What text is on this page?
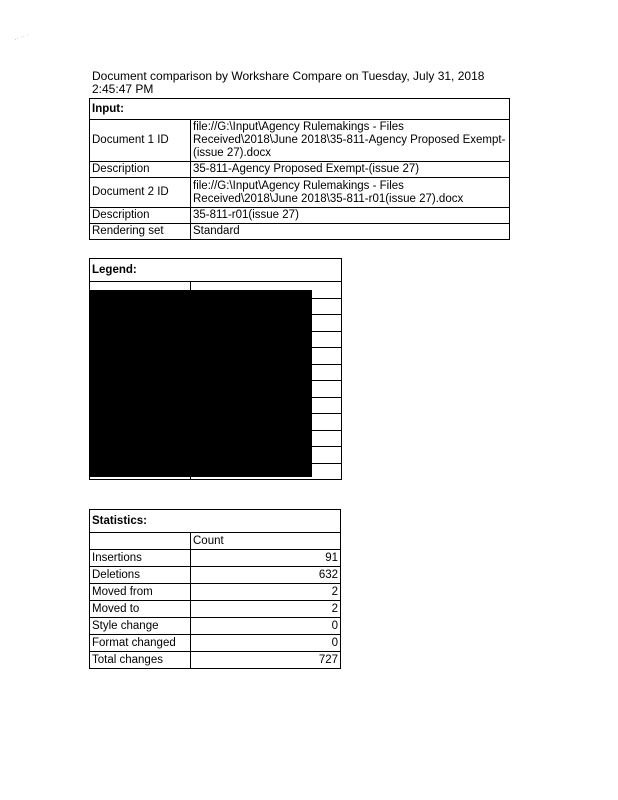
·· ·· ·
Document comparison by Workshare Compare on Tuesday, July 31, 2018 2:45:47 PM
Input:	
Document 1 ID	file://G:\Input\Agency Rulemakings - Files Received\2018\June 2018\35-811-Agency Proposed Exempt-(issue 27).docx
Description	35-811-Agency Proposed Exempt-(issue 27)
Document 2 ID	file://G:\Input\Agency Rulemakings - Files Received\2018\June 2018\35-811-r01(issue 27).docx
Description	35-811-r01(issue 27)
Rendering set	Standard
Legend:	

Statistics:	
	Count
Insertions	91
Deletions	632
Moved from	2
Moved to	2
Style change	0
Format changed	0
Total changes	727
